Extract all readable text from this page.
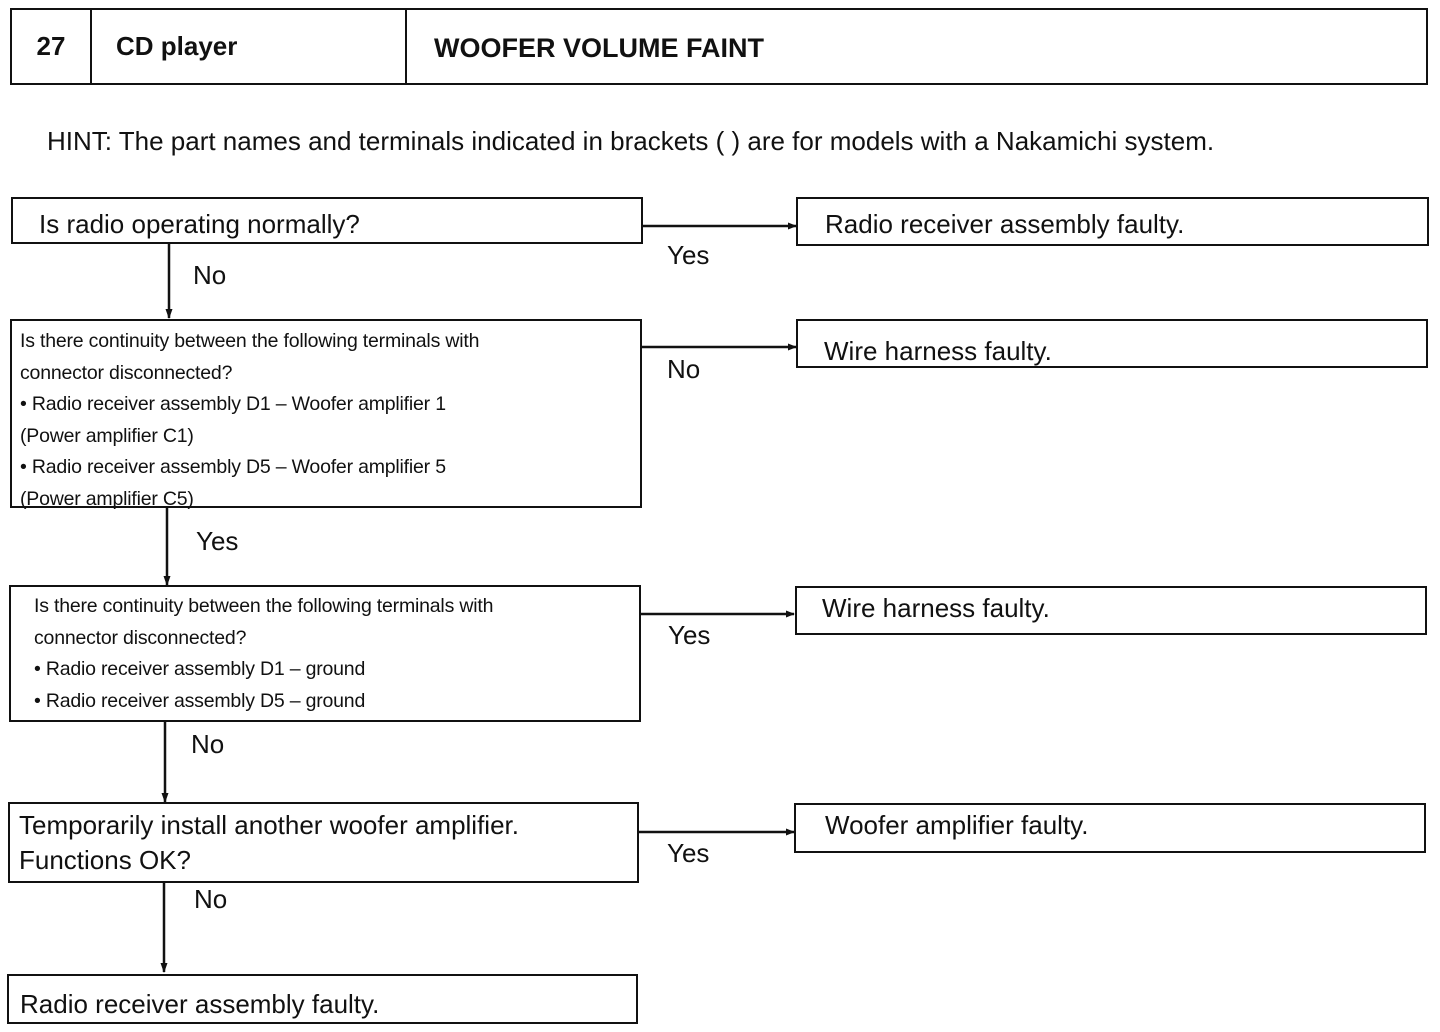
27	CD player	WOOFER VOLUME FAINT
HINT: The part names and terminals indicated in brackets ( ) are for models with a Nakamichi system.
Is radio operating normally?	Radio receiver assembly faulty.
Yes
No
Is there continuity between the following terminals with
connector disconnected?
• Radio receiver assembly D1 – Woofer amplifier 1
(Power amplifier C1)
• Radio receiver assembly D5 – Woofer amplifier 5
(Power amplifier C5)
Wire harness faulty.
No
Yes
Is there continuity between the following terminals with
connector disconnected?
• Radio receiver assembly D1 – ground
• Radio receiver assembly D5 – ground
Wire harness faulty.
Yes
No
Temporarily install another woofer amplifier.
Functions OK?
Woofer amplifier faulty.
Yes
No
Radio receiver assembly faulty.
